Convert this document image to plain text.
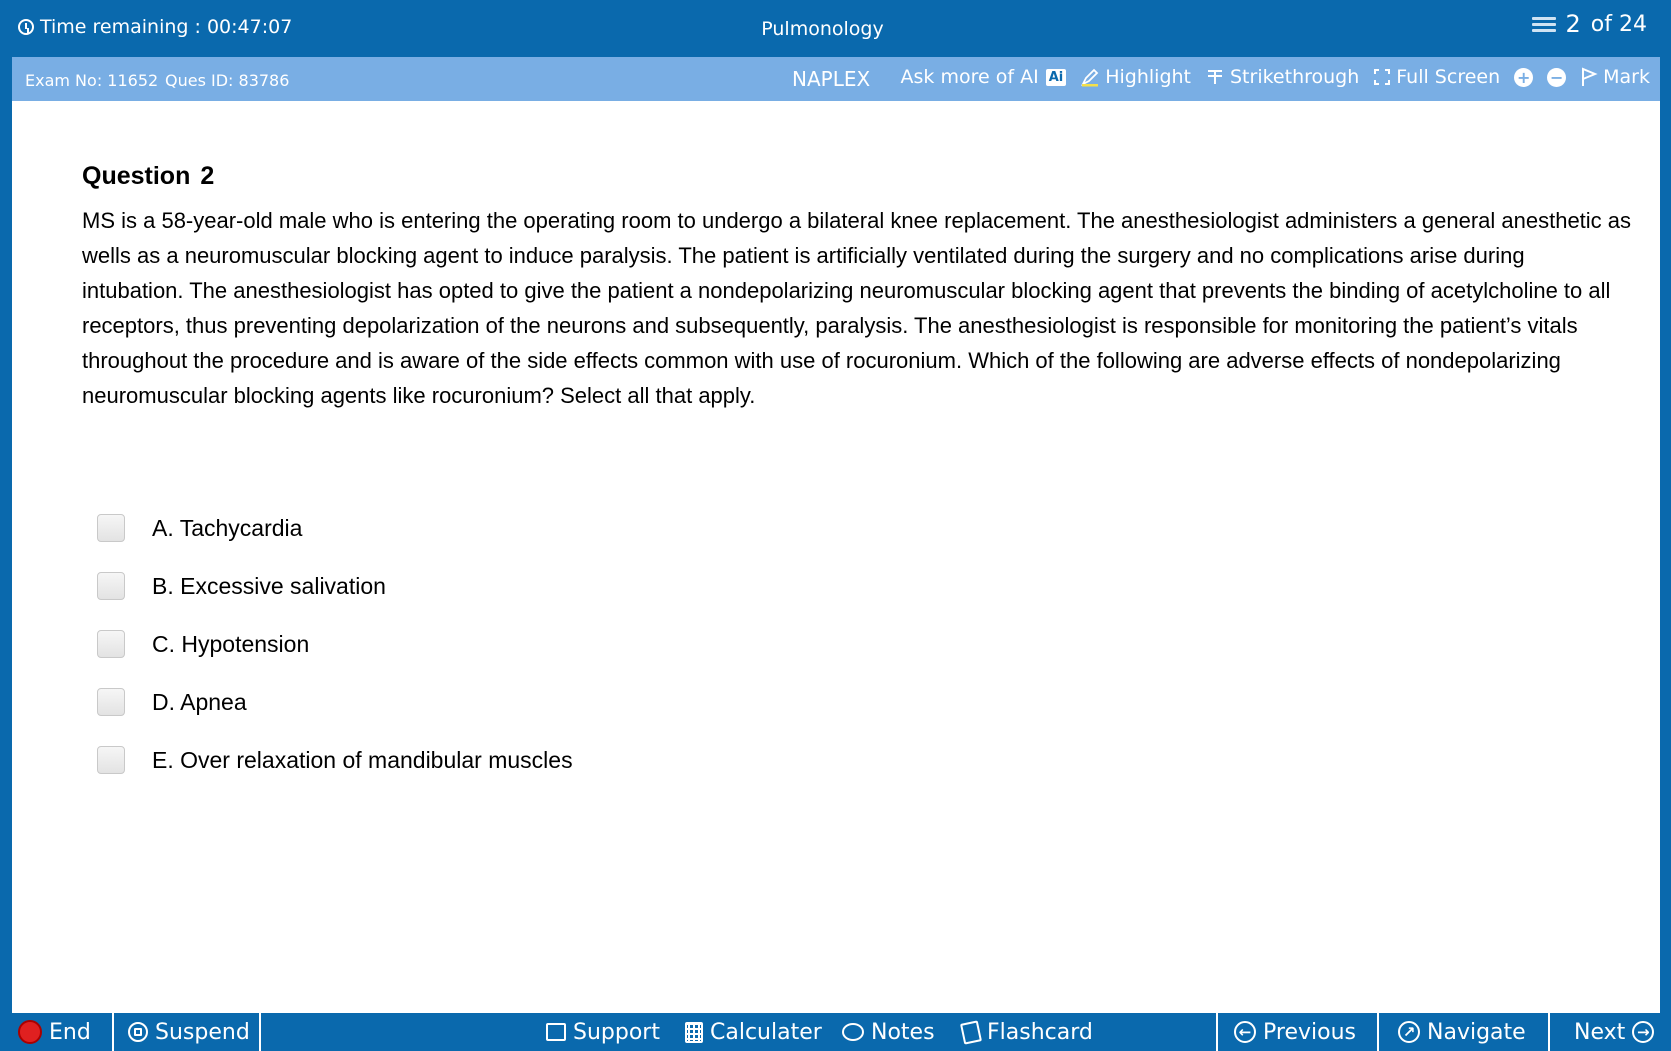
Time remaining : 00:47:07	Pulmonology	2 of 24
Exam No: 11652 Ques ID: 83786	NAPLEX Ask more of AI Ai Highlight Strikethrough Full Screen + − Mark
Question 2
MS is a 58-year-old male who is entering the operating room to undergo a bilateral knee replacement. The anesthesiologist administers a general anesthetic as wells as a neuromuscular blocking agent to induce paralysis. The patient is artificially ventilated during the surgery and no complications arise during intubation. The anesthesiologist has opted to give the patient a nondepolarizing neuromuscular blocking agent that prevents the binding of acetylcholine to all receptors, thus preventing depolarization of the neurons and subsequently, paralysis. The anesthesiologist is responsible for monitoring the patient’s vitals throughout the procedure and is aware of the side effects common with use of rocuronium. Which of the following are adverse effects of nondepolarizing neuromuscular blocking agents like rocuronium? Select all that apply.
A. Tachycardia
B. Excessive salivation
C. Hypotension
D. Apnea
E. Over relaxation of mandibular muscles
End	Suspend	Support Calculater Notes Flashcard	← Previous	↗ Navigate Next →
